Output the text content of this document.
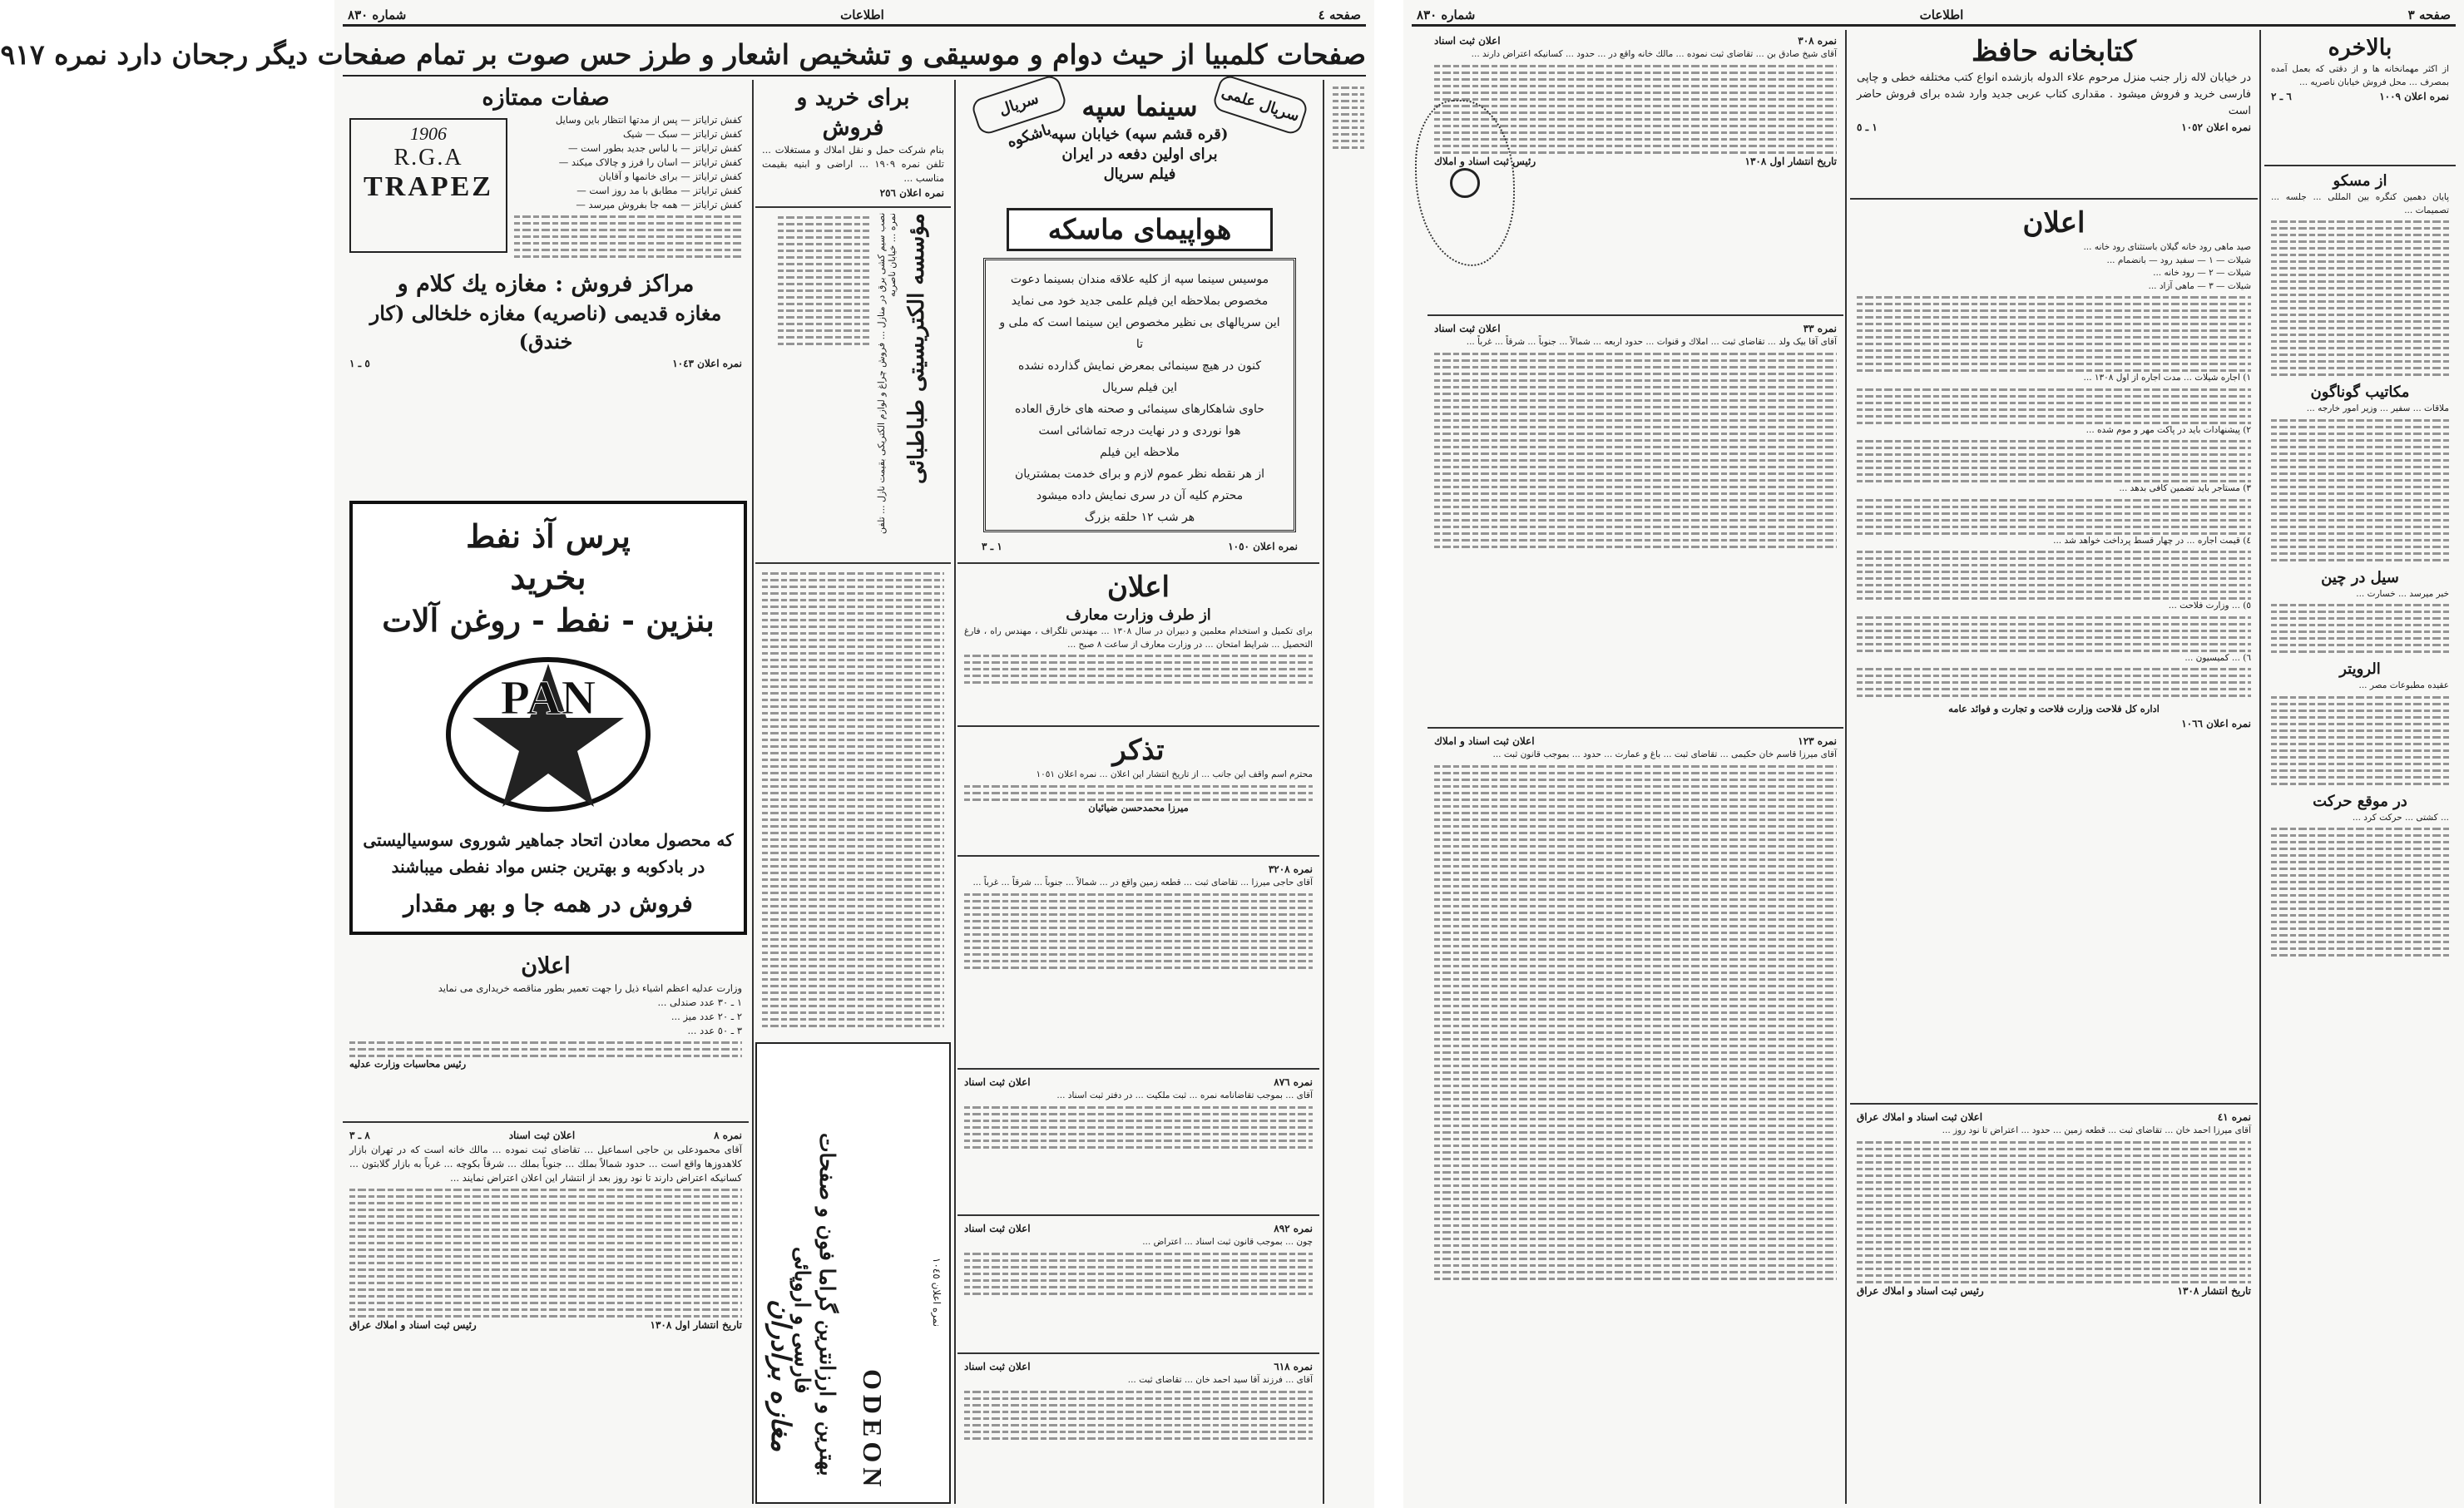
صفحه ٤
اطلاعات
شماره ٨٣٠
صفحات کلمبیا از حیث دوام و موسیقی و تشخیص اشعار و طرز حس صوت بر تمام صفحات دیگر رجحان دارد نمره ٩١٧
صفات ممتازه
کفش ترایاتز — پس از مدتها انتظار باین وسایل
کفش ترایاتز — سبک — شیک
کفش ترایاتز — با لباس جدید بطور است —
کفش ترایاتز — اسان را فرز و چالاک میکند —
کفش ترایاتز — برای خانمها و آقایان
کفش ترایاتز — مطابق با مد روز است —
کفش ترایاتز — همه جا بفروش میرسد —
1906
R.G.A
TRAPEZ
مراکز فروش : مغازه یك كلام و
مغازه قدیمی (ناصریه) مغازه خلخالی (کار خندق)
نمره اعلان ١٠٤٣
٥ ـ ١
پرس آذ نفط
بخرید
بنزین - نفط - روغن آلات
PAN
که محصول معادن اتحاد جماهیر شوروی سوسیالیستی
در بادکوبه و بهترین جنس مواد نفطی میباشند
فروش در همه جا و بهر مقدار
اعلان
وزارت عدلیه اعظم اشیاء ذیل را جهت تعمیر بطور مناقصه خریداری می نماید
١ ـ ٣٠ عدد صندلی ...
٢ ـ ٢٠ عدد میز ...
٣ ـ ٥٠ عدد ...
رئیس محاسبات وزارت عدلیه
نمره ٨
اعلان ثبت اسناد
٨ ـ ٣
آقای محمودعلی بن حاجی اسماعیل ... تقاضای ثبت نموده ... مالك خانه است که در تهران بازار کلاهدوزها واقع است ... حدود شمالاً بملك ... جنوباً بملك ... شرقاً بکوچه ... غرباً به بازار گلابتون ... کسانیکه اعتراض دارند تا نود روز بعد از انتشار این اعلان اعتراض نمایند ...
تاریخ انتشار اول ١٣٠٨
رئیس ثبت اسناد و املاك عراق
برای خرید و فروش
بنام شرکت حمل و نقل املاك و مستغلات ... تلفن نمره ١٩٠٩ ... اراضی و ابنیه بقیمت مناسب ...
نمره اعلان ٢٥٦
مؤسسه الکتریسیتی طباطبائی
نصب سیم کشی برق در منازل ... فروش چراغ و لوازم الکتریکی بقیمت نازل ... تلفن نمره ... خیابان ناصریه
ODEON
بهترین و ارزانترین گراما فون و صفحات
فارسی و اروپائی
مغازه برادران
نمره اعلان ١٠٤٥
سریال باشکوه
سریال علمی
سینما سپه
(قره قشم سپه) خیابان سپه
برای اولین دفعه در ایران
فیلم سریال
هواپیمای ماسکه
موسیس سینما سپه از کلیه علاقه مندان بسینما دعوت
مخصوص بملاحظه این فیلم علمی جدید خود می نماید
این سریالهای بی نظیر مخصوص این سینما است که ملی و تا
کنون در هیچ سینمائی بمعرض نمایش گذارده نشده
این فیلم سریال
حاوی شاهکارهای سینمائی و صحنه های خارق العاده
هوا نوردی و در نهایت درجه تماشائی است
ملاحظه این فیلم
از هر نقطه نظر عموم لازم و برای خدمت بمشتریان
محترم کلیه آن در سری نمایش داده میشود
هر شب ١٢ حلقه بزرگ
نمره اعلان ١٠٥٠
١ ـ ٣
اعلان
از طرف وزارت معارف
برای تکمیل و استخدام معلمین و دبیران در سال ١٣٠٨ ... مهندس تلگراف ، مهندس راه ، فارغ التحصیل ... شرایط امتحان ... در وزارت معارف از ساعت ٨ صبح ...
تذکر
محترم اسم واقف این جانب ... از تاریخ انتشار این اعلان ... نمره اعلان ١٠٥١
میرزا محمدحسن ضیائیان
نمره ٣٢٠٨
آقای حاجی میرزا ... تقاضای ثبت ... قطعه زمین واقع در ... شمالاً ... جنوباً ... شرقاً ... غرباً ...
نمره ٨٧٦
اعلان ثبت اسناد
آقای ... بموجب تقاضانامه نمره ... ثبت ملکیت ... در دفتر ثبت اسناد ...
نمره ٨٩٢
اعلان ثبت اسناد
چون ... بموجب قانون ثبت اسناد ... اعتراض ...
نمره ٦١٨
اعلان ثبت اسناد
آقای ... فرزند آقا سید احمد خان ... تقاضای ثبت ...
صفحه ٣
اطلاعات
شماره ٨٣٠
بالاخره
از اکثر مهمانخانه ها و از دقتی که بعمل آمده بمصرف ... محل فروش خیابان ناصریه ...
نمره اعلان ١٠٠٩
٦ ـ ٢
از مسکو
پایان دهمین کنگره بین المللی ... جلسه ... تصمیمات ...
مکاتیب گوناگون
ملاقات ... سفیر ... وزیر امور خارجه ...
سیل در چین
خبر میرسد ... خسارت ...
الرویتر
عقیده مطبوعات مصر ...
در موقع حرکت
... کشتی ... حرکت کرد ...
کتابخانه حافظ
در خیابان لاله زار جنب منزل مرحوم علاء الدوله بازشده انواع کتب مختلفه خطی و چاپی فارسی خرید و فروش میشود . مقداری کتاب عربی جدید وارد شده برای فروش حاضر است
نمره اعلان ١٠٥٢
١ ـ ٥
اعلان
صید ماهی رود خانه گیلان باستثنای رود خانه ...
شیلات — ١ — سفید رود — بانضمام ...
شیلات — ٢ — رود خانه ...
شیلات — ٣ — ماهی آزاد ...
١) اجاره شیلات ... مدت اجاره از اول ١٣٠٨ ...
٢) پیشنهادات باید در پاکت مهر و موم شده ...
٣) مستاجر باید تضمین کافی بدهد ...
٤) قیمت اجاره ... در چهار قسط پرداخت خواهد شد ...
٥) ... وزارت فلاحت ...
٦) ... کمیسیون ...
اداره کل فلاحت وزارت فلاحت و تجارت و فوائد عامه
نمره اعلان ١٠٦٦
نمره ٤١
اعلان ثبت اسناد و املاك عراق
آقای میرزا احمد خان ... تقاضای ثبت ... قطعه زمین ... حدود ... اعتراض تا نود روز ...
تاریخ انتشار ١٣٠٨
رئیس ثبت اسناد و املاك عراق
نمره ٣٠٨
اعلان ثبت اسناد
آقای شیخ صادق بن ... تقاضای ثبت نموده ... مالك خانه واقع در ... حدود ... کسانیکه اعتراض دارند ...
تاریخ انتشار اول ١٣٠٨
رئیس ثبت اسناد و املاك
نمره ٣٣
اعلان ثبت اسناد
آقای آقا بیک ولد ... تقاضای ثبت ... املاك و قنوات ... حدود اربعه ... شمالاً ... جنوباً ... شرقاً ... غرباً ...
نمره ١٢٣
اعلان ثبت اسناد و املاك
آقای میرزا قاسم خان حکیمی ... تقاضای ثبت ... باغ و عمارت ... حدود ... بموجب قانون ثبت ...
